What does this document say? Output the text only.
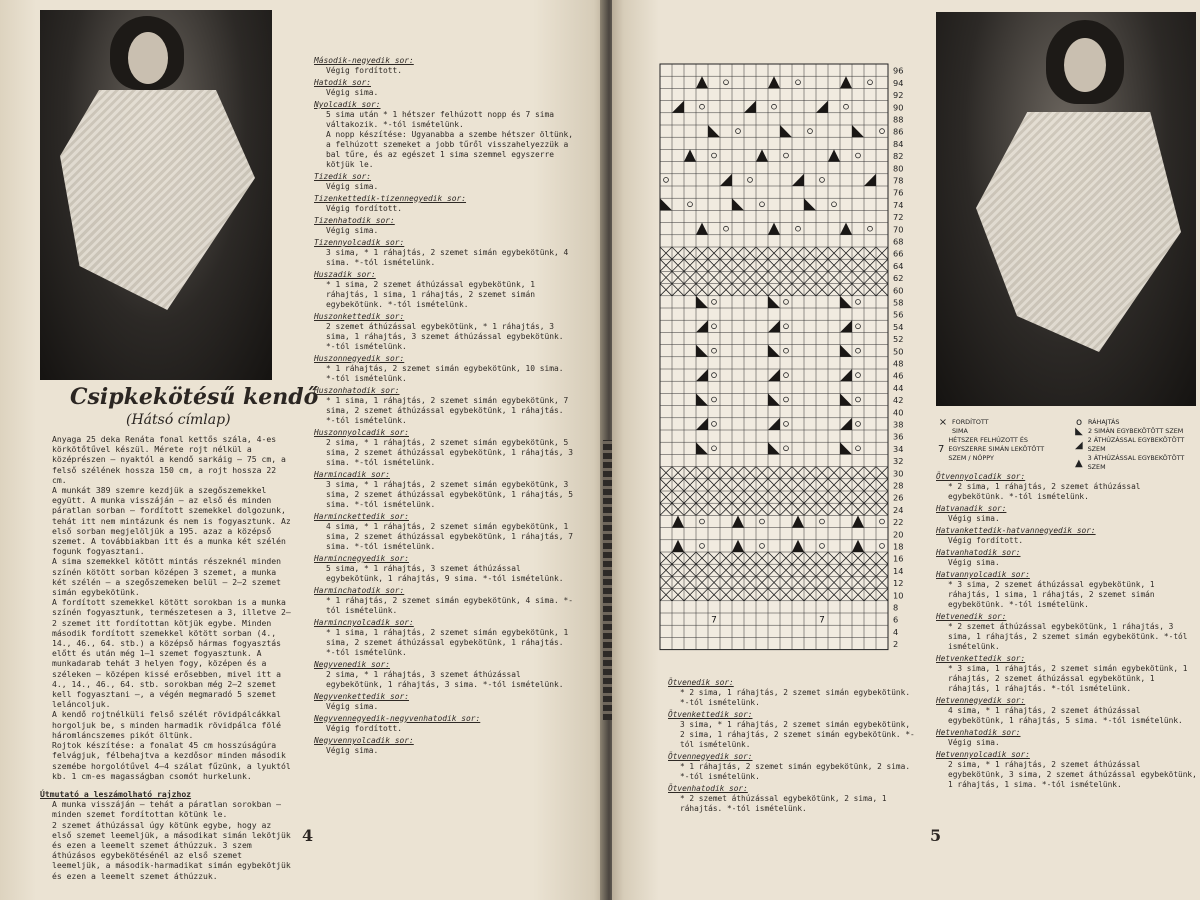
Csipkekötésű kendő
(Hátsó címlap)

Anyaga 25 deka Renáta fonal kettős szála, 4-es körkötőtűvel készül. Mérete rojt nélkül a középrészen — nyaktól a kendő sarkáig — 75 cm, a felső szélének hossza 150 cm, a rojt hossza 22 cm.

A munkát 389 szemre kezdjük a szegőszemekkel együtt. A munka visszáján — az első és minden páratlan sorban — fordított szemekkel dolgozunk, tehát itt nem mintázunk és nem is fogyasztunk. Az első sorban megjelöljük a 195. azaz a középső szemet. A továbbiakban itt és a munka két szélén fogunk fogyasztani.

A sima szemekkel kötött mintás részeknél minden színén kötött sorban középen 3 szemet, a munka két szélén — a szegőszemeken belül — 2—2 szemet simán egybekötünk.

A fordított szemekkel kötött sorokban is a munka színén fogyasztunk, természetesen a 3, illetve 2—2 szemet itt fordítottan kötjük egybe. Minden második fordított szemekkel kötött sorban (4., 14., 46., 64. stb.) a középső hármas fogyasztás előtt és után még 1—1 szemet fogyasztunk. A munkadarab tehát 3 helyen fogy, középen és a széleken — középen kissé erősebben, mivel itt a 4., 14., 46., 64. stb. sorokban még 2—2 szemet kell fogyasztani —, a végén megmaradó 5 szemet leláncoljuk.

A kendő rojtnélküli felső szélét rövidpálcákkal horgoljuk be, s minden harmadik rövidpálca fölé háromláncszemes pikót öltünk.

Rojtok készítése: a fonalat 45 cm hosszúságúra felvágjuk, félbehajtva a kezdősor minden második szemébe horgolótűvel 4—4 szálat fűzünk, a lyuktól kb. 1 cm-es magasságban csomót hurkelunk.

Útmutató a leszámolható rajzhoz

A munka visszáján — tehát a páratlan sorokban — minden szemet fordítottan kötünk le.

2 szemet áthúzással úgy kötünk egybe, hogy az első szemet leemeljük, a másodikat simán lekötjük és ezen a leemelt szemet áthúzzuk. 3 szem áthúzásos egybekötésénél az első szemet leemeljük, a második-harmadikat simán egybekötjük és ezen a leemelt szemet áthúzzuk.

Második-negyedik sor:

Végig fordított.

Hatodik sor:

Végig sima.

Nyolcadik sor:

5 sima után * 1 hétszer felhúzott nopp és 7 sima váltakozik. *-tól ismételünk.

A nopp készítése: Ugyanabba a szembe hétszer öltünk, a felhúzott szemeket a jobb tűről visszahelyezzük a bal tűre, és az egészet 1 sima szemmel egyszerre kötjük le.

Tizedik sor:

Végig sima.

Tizenkettedik-tizennegyedik sor:

Végig fordított.

Tizenhatodik sor:

Végig sima.

Tizennyolcadik sor:

3 sima, * 1 ráhajtás, 2 szemet simán egybekötünk, 4 sima. *-tól ismételünk.

Huszadik sor:

* 1 sima, 2 szemet áthúzással egybekötünk, 1 ráhajtás, 1 sima, 1 ráhajtás, 2 szemet simán egybekötünk. *-tól ismételünk.

Huszonkettedik sor:

2 szemet áthúzással egybekötünk, * 1 ráhajtás, 3 sima, 1 ráhajtás, 3 szemet áthúzással egybekötünk. *-tól ismételünk.

Huszonnegyedik sor:

* 1 ráhajtás, 2 szemet simán egybekötünk, 10 sima. *-tól ismételünk.

Huszonhatodik sor:

* 1 sima, 1 ráhajtás, 2 szemet simán egybekötünk, 7 sima, 2 szemet áthúzással egybekötünk, 1 ráhajtás. *-tól ismételünk.

Huszonnyolcadik sor:

2 sima, * 1 ráhajtás, 2 szemet simán egybekötünk, 5 sima, 2 szemet áthúzással egybekötünk, 1 ráhajtás, 3 sima. *-tól ismételünk.

Harmincadik sor:

3 sima, * 1 ráhajtás, 2 szemet simán egybekötünk, 3 sima, 2 szemet áthúzással egybekötünk, 1 ráhajtás, 5 sima. *-tól ismételünk.

Harminckettedik sor:

4 sima, * 1 ráhajtás, 2 szemet simán egybekötünk, 1 sima, 2 szemet áthúzással egybekötünk, 1 ráhajtás, 7 sima. *-tól ismételünk.

Harmincnegyedik sor:

5 sima, * 1 ráhajtás, 3 szemet áthúzással egybekötünk, 1 ráhajtás, 9 sima. *-tól ismételünk.

Harminchatodik sor:

* 1 ráhajtás, 2 szemet simán egybekötünk, 4 sima. *-tól ismételünk.

Harmincnyolcadik sor:

* 1 sima, 1 ráhajtás, 2 szemet simán egybekötünk, 1 sima, 2 szemet áthúzással egybekötünk, 1 ráhajtás. *-tól ismételünk.

Negyvenedik sor:

2 sima, * 1 ráhajtás, 3 szemet áthúzással egybekötünk, 1 ráhajtás, 3 sima. *-tól ismételünk.

Negyvenkettedik sor:

Végig sima.

Negyvennegyedik-negyvenhatodik sor:

Végig fordított.

Negyvennyolcadik sor:

Végig sima.

4
7	7
96
94
92
90
88
86
84
82
80
78
76
74
72
70
68
66
64
62
60
58
56
54
52
50
48
46
44
42
40
38
36
34
32
30
28
26
24
22
20
18
16
14
12
10
8
6
4
2
× FORDÍTOTT
SIMA
7
HÉTSZER FELHÚZOTT ÉS EGYSZERRE SIMÁN LEKÖTÖTT SZEM / NÓPPY
o RÁHAJTÁS
◣ 2 SIMÁN EGYBEKÖTÖTT SZEM
◢ 2 ÁTHÚZÁSSAL EGYBEKÖTÖTT SZEM
▲ 3 ÁTHÚZÁSSAL EGYBEKÖTÖTT SZEM

Ötvenedik sor:

* 2 sima, 1 ráhajtás, 2 szemet simán egybekötünk. *-tól ismételünk.

Ötvenkettedik sor:

3 sima, * 1 ráhajtás, 2 szemet simán egybekötünk, 2 sima, 1 ráhajtás, 2 szemet simán egybekötünk. *-tól ismételünk.

Ötvennegyedik sor:

* 1 ráhajtás, 2 szemet simán egybekötünk, 2 sima. *-tól ismételünk.

Ötvenhatodik sor:

* 2 szemet áthúzással egybekötünk, 2 sima, 1 ráhajtás. *-tól ismételünk.

5

Ötvennyolcadik sor:

* 2 sima, 1 ráhajtás, 2 szemet áthúzással egybekötünk. *-tól ismételünk.

Hatvanadik sor:

Végig sima.

Hatvankettedik-hatvannegyedik sor:

Végig fordított.

Hatvanhatodik sor:

Végig sima.

Hatvannyolcadik sor:

* 3 sima, 2 szemet áthúzással egybekötünk, 1 ráhajtás, 1 sima, 1 ráhajtás, 2 szemet simán egybekötünk. *-tól ismételünk.

Hetvenedik sor:

* 2 szemet áthúzással egybekötünk, 1 ráhajtás, 3 sima, 1 ráhajtás, 2 szemet simán egybekötünk. *-tól ismételünk.

Hetvenkettedik sor:

* 3 sima, 1 ráhajtás, 2 szemet simán egybekötünk, 1 ráhajtás, 2 szemet áthúzással egybekötünk, 1 ráhajtás, 1 ráhajtás. *-tól ismételünk.

Hetvennegyedik sor:

4 sima, * 1 ráhajtás, 2 szemet áthúzással egybekötünk, 1 ráhajtás, 5 sima. *-tól ismételünk.

Hetvenhatodik sor:

Végig sima.

Hetvennyolcadik sor:

2 sima, * 1 ráhajtás, 2 szemet áthúzással egybekötünk, 3 sima, 2 szemet áthúzással egybekötünk, 1 ráhajtás, 1 sima. *-tól ismételünk.
